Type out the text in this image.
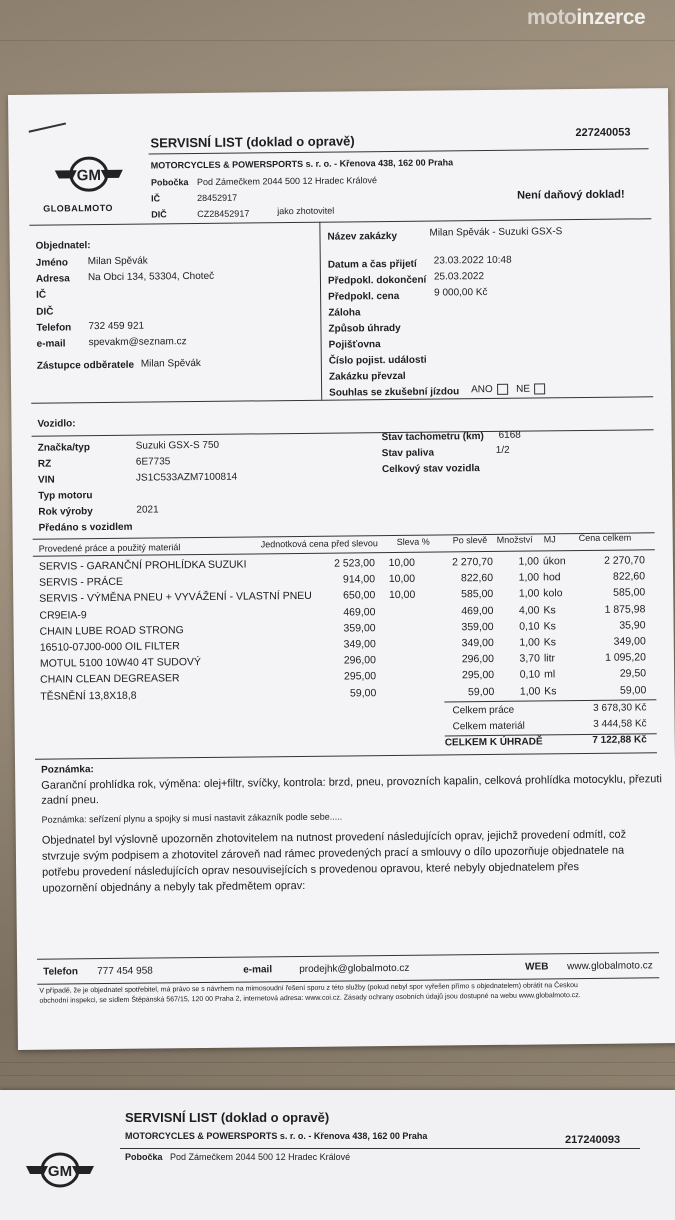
motoinzerce
GM
GLOBALMOTO
SERVISNÍ LIST (doklad o opravě)
227240053
MOTORCYCLES & POWERSPORTS s. r. o. - Křenova 438, 162 00 Praha
Pobočka Pod Zámečkem 2044 500 12 Hradec Králové
IČ	28452917
DIČ	CZ28452917	jako zhotovitel
Není daňový doklad!
Objednatel:
Jméno Milan Spěvák
Adresa Na Obci 134, 53304, Choteč
IČ
DIČ
Telefon 732 459 921
e-mail spevakm@seznam.cz
Zástupce odběratele Milan Spěvák
Název zakázky	Milan Spěvák - Suzuki GSX-S
Datum a čas přijetí 23.03.2022 10:48
Předpokl. dokončení 25.03.2022
Předpokl. cena	9 000,00 Kč
Záloha
Způsob úhrady
Pojišťovna
Číslo pojist. události
Zakázku převzal
Souhlas se zkušební jízdou ANO NE
Vozidlo:
Značka/typ	Suzuki GSX-S 750
RZ	6E7735
VIN	JS1C533AZM7100814
Typ motoru
Rok výroby	2021
Předáno s vozidlem
Stav tachometru (km) 6168
Stav paliva	1/2
Celkový stav vozidla
Provedené práce a použitý materiál	Jednotková cena před slevou Sleva %	Po slevě Množství MJ	Cena celkem
SERVIS - GARANČNÍ PROHLÍDKA SUZUKI	2 523,00	10,00	2 270,70	1,00 úkon	2 270,70
SERVIS - PRÁCE	914,00	10,00	822,60	1,00 hod	822,60
SERVIS - VÝMĚNA PNEU + VYVÁŽENÍ - VLASTNÍ PNEU	650,00	10,00	585,00	1,00 kolo	585,00
CR9EIA-9	469,00	469,00	4,00 Ks	1 875,98
CHAIN LUBE ROAD STRONG	359,00	359,00	0,10 Ks	35,90
16510-07J00-000 OIL FILTER	349,00	349,00	1,00 Ks	349,00
MOTUL 5100 10W40 4T SUDOVÝ	296,00	296,00	3,70 litr	1 095,20
CHAIN CLEAN DEGREASER	295,00	295,00	0,10 ml	29,50
TĚSNĚNÍ 13,8X18,8	59,00	59,00	1,00 Ks	59,00
Celkem práce	3 678,30 Kč
Celkem materiál	3 444,58 Kč
CELKEM K ÚHRADĚ	7 122,88 Kč
Poznámka:
Garanční prohlídka rok, výměna: olej+filtr, svíčky, kontrola: brzd, pneu, provozních kapalin, celková prohlídka motocyklu, přezuti
zadní pneu.
Poznámka: seřízení plynu a spojky si musí nastavit zákazník podle sebe.....
Objednatel byl výslovně upozorněn zhotovitelem na nutnost provedení následujících oprav, jejichž provedení odmítl, což
stvrzuje svým podpisem a zhotovitel zároveň nad rámec provedených prací a smlouvy o dílo upozorňuje objednatele na
potřebu provedení následujících oprav nesouvisejících s provedenou opravou, které nebyly objednatelem přes
upozornění objednány a nebyly tak předmětem oprav:
Telefon 777 454 958	e-mail	prodejhk@globalmoto.cz	WEB www.globalmoto.cz
V případě, že je objednatel spotřebitel, má právo se s návrhem na mimosoudní řešení sporu z této služby (pokud nebyl spor vyřešen přímo s objednatelem) obrátit na Českou
obchodní inspekci, se sídlem Štěpánská 567/15, 120 00 Praha 2, internetová adresa: www.coi.cz. Zásady ochrany osobních údajů jsou dostupné na webu www.globalmoto.cz.
GM
SERVISNÍ LIST (doklad o opravě)
217240093
MOTORCYCLES & POWERSPORTS s. r. o. - Křenova 438, 162 00 Praha
Pobočka Pod Zámečkem 2044 500 12 Hradec Králové
